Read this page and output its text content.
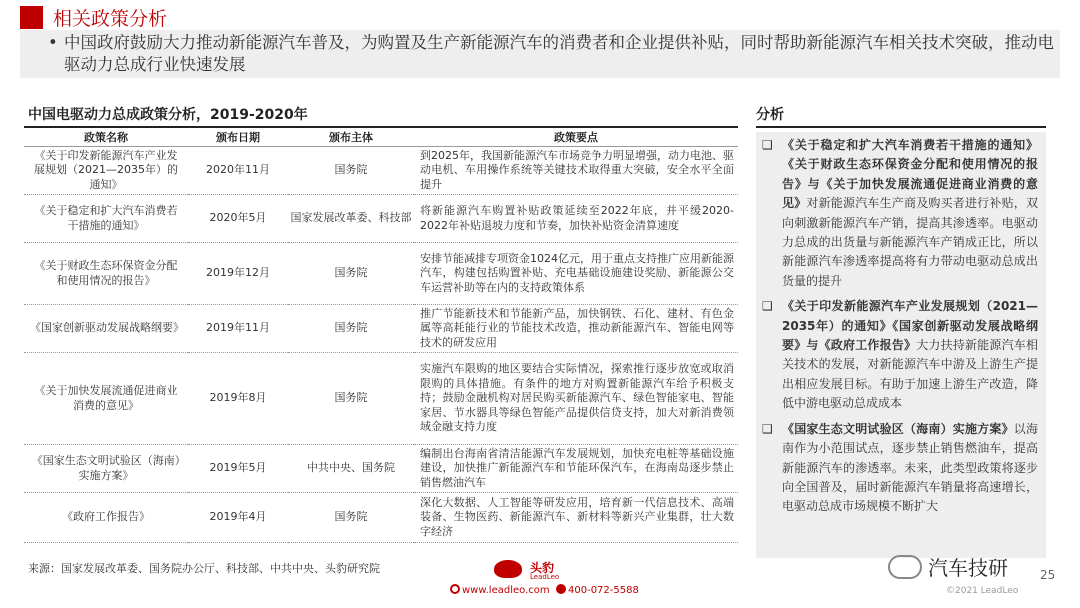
相关政策分析
• 中国政府鼓励大力推动新能源汽车普及，为购置及生产新能源汽车的消费者和企业提供补贴，同时帮助新能源汽车相关技术突破，推动电驱动力总成行业快速发展
中国电驱动力总成政策分析，2019-2020年
政策名称	颁布日期	颁布主体	政策要点
《关于印发新能源汽车产业发展规划（2021—2035年）的通知》	2020年11月	国务院	到2025年，我国新能源汽车市场竞争力明显增强，动力电池、驱动电机、车用操作系统等关键技术取得重大突破，安全水平全面提升
《关于稳定和扩大汽车消费若干措施的通知》	2020年5月	国家发展改革委、科技部	将新能源汽车购置补贴政策延续至2022年底，并平缓2020-2022年补贴退坡力度和节奏，加快补贴资金清算速度
《关于财政生态环保资金分配和使用情况的报告》	2019年12月	国务院	安排节能减排专项资金1024亿元，用于重点支持推广应用新能源汽车，构建包括购置补贴、充电基础设施建设奖励、新能源公交车运营补助等在内的支持政策体系
《国家创新驱动发展战略纲要》	2019年11月	国务院	推广节能新技术和节能新产品，加快钢铁、石化、建材、有色金属等高耗能行业的节能技术改造，推动新能源汽车、智能电网等技术的研发应用
《关于加快发展流通促进商业消费的意见》	2019年8月	国务院	实施汽车限购的地区要结合实际情况，探索推行逐步放宽或取消限购的具体措施。有条件的地方对购置新能源汽车给予积极支持；鼓励金融机构对居民购买新能源汽车、绿色智能家电、智能家居、节水器具等绿色智能产品提供信贷支持，加大对新消费领域金融支持力度
《国家生态文明试验区（海南）实施方案》	2019年5月	中共中央、国务院	编制出台海南省清洁能源汽车发展规划，加快充电桩等基础设施建设，加快推广新能源汽车和节能环保汽车，在海南岛逐步禁止销售燃油汽车
《政府工作报告》	2019年4月	国务院	深化大数据、人工智能等研发应用，培育新一代信息技术、高端装备、生物医药、新能源汽车、新材料等新兴产业集群，壮大数字经济
来源：国家发展改革委、国务院办公厅、科技部、中共中央、头豹研究院
分析
❑ 《关于稳定和扩大汽车消费若干措施的通知》《关于财政生态环保资金分配和使用情况的报告》与《关于加快发展流通促进商业消费的意见》对新能源汽车生产商及购买者进行补贴，双向刺激新能源汽车产销，提高其渗透率。电驱动力总成的出货量与新能源汽车产销成正比，所以新能源汽车渗透率提高将有力带动电驱动总成出货量的提升
❑ 《关于印发新能源汽车产业发展规划（2021—2035年）的通知》《国家创新驱动发展战略纲要》与《政府工作报告》大力扶持新能源汽车相关技术的发展，对新能源汽车中游及上游生产提出相应发展目标。有助于加速上游生产改造，降低中游电驱动总成成本
❑ 《国家生态文明试验区（海南）实施方案》以海南作为小范围试点，逐步禁止销售燃油车，提高新能源汽车的渗透率。未来，此类型政策将逐步向全国普及，届时新能源汽车销量将高速增长，电驱动总成市场规模不断扩大
头豹
LeadLeo
www.leadleo.com	400-072-5588
汽车技研	25
©2021 LeadLeo
